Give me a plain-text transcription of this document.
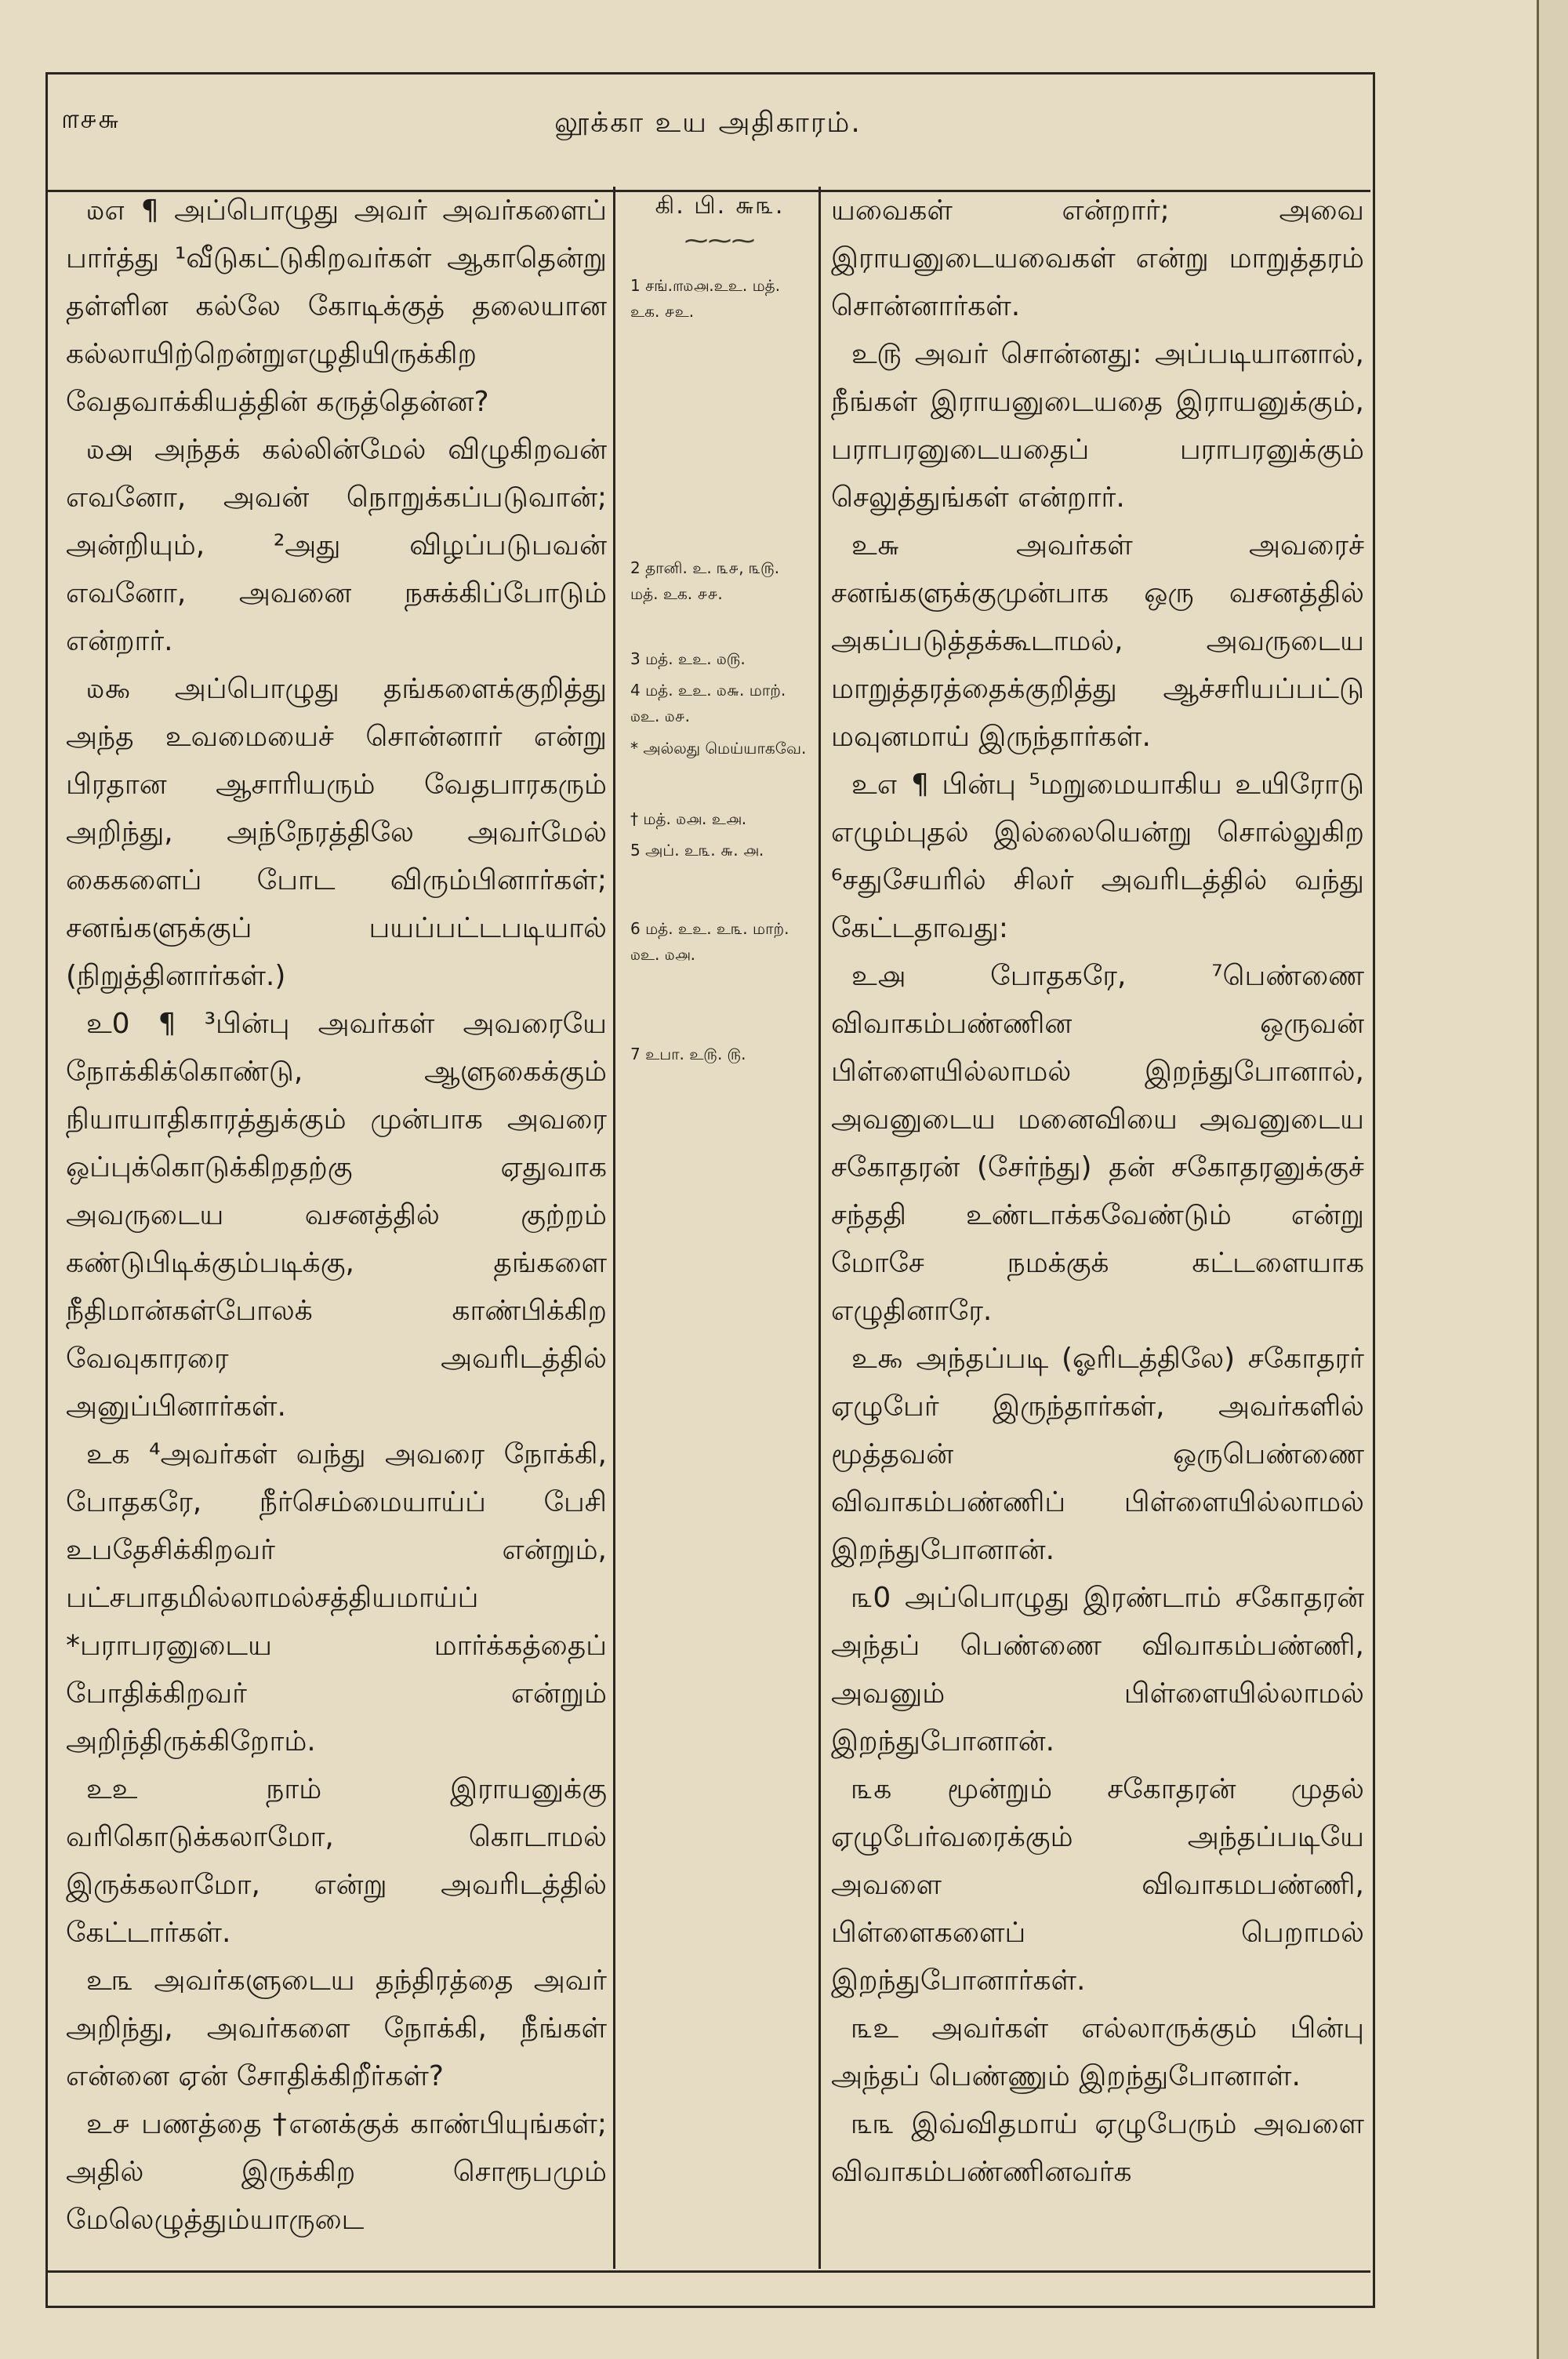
௱௪௬	லூக்கா உய அதிகாரம்.

௰௭ ¶ அப்பொழுது அவர் அவர்களைப் பார்த்து ¹வீடுகட்டுகிறவர்கள் ஆகாதென்று தள்ளின கல்லே கோடிக்குத் தலையான கல்லாயிற்றென்றுஎழுதியிருக்கிற வேதவாக்கியத்தின் கருத்தென்ன?

௰௮ அந்தக் கல்லின்மேல் விழுகிறவன் எவனோ, அவன் நொறுக்கப்படுவான்; அன்றியும், ²அது விழப்படுபவன் எவனோ, அவனை நசுக்கிப்போடும் என்றார்.

௰௯ அப்பொழுது தங்களைக்குறித்து அந்த உவமையைச் சொன்னார் என்று பிரதான ஆசாரியரும் வேதபாரகரும் அறிந்து, அந்நேரத்திலே அவர்மேல் கைகளைப் போட விரும்பினார்கள்; சனங்களுக்குப் பயப்பட்டபடியால் (நிறுத்தினார்கள்.)

உ0 ¶ ³பின்பு அவர்கள் அவரையே நோக்கிக்கொண்டு, ஆளுகைக்கும் நியாயாதிகாரத்துக்கும் முன்பாக அவரை ஒப்புக்கொடுக்கிறதற்கு ஏதுவாக அவருடைய வசனத்தில் குற்றம் கண்டுபிடிக்கும்படிக்கு, தங்களை நீதிமான்கள்போலக் காண்பிக்கிற வேவுகாரரை அவரிடத்தில் அனுப்பினார்கள்.

உக ⁴அவர்கள் வந்து அவரை நோக்கி, போதகரே, நீர்செம்மையாய்ப் பேசி உபதேசிக்கிறவர் என்றும், பட்சபாதமில்லாமல்சத்தியமாய்ப் *பராபரனுடைய மார்க்கத்தைப் போதிக்கிறவர் என்றும் அறிந்திருக்கிறோம்.

உஉ நாம் இராயனுக்கு வரிகொடுக்கலாமோ, கொடாமல் இருக்கலாமோ, என்று அவரிடத்தில் கேட்டார்கள்.

உ௩ அவர்களுடைய தந்திரத்தை அவர் அறிந்து, அவர்களை நோக்கி, நீங்கள் என்னை ஏன் சோதிக்கிறீர்கள்?

உ௪ பணத்தை †எனக்குக் காண்பியுங்கள்; அதில் இருக்கிற சொரூபமும் மேலெழுத்தும்யாருடை

கி. பி. ௬௩.
⁓⁓⁓
1 சங்.௱௰௮.உஉ. மத். உக. ௪உ.
2 தானி. உ. ௩௪, ௩௫. மத். உக. ௪௪.
3 மத். உஉ. ௰௫.
4 மத். உஉ. ௰௬. மாற். ௰உ. ௰௪.
* அல்லது மெய்யாகவே.
† மத். ௰௮. உ௮.
5 அப். உ௩. ௬. ௮.
6 மத். உஉ. உ௩. மாற். ௰உ. ௰௮.
7 உபா. உ௫. ௫.

யவைகள் என்றார்; அவை இராயனுடையவைகள் என்று மாறுத்தரம் சொன்னார்கள்.

உ௫ அவர் சொன்னது: அப்படியானால், நீங்கள் இராயனுடையதை இராயனுக்கும், பராபரனுடையதைப் பராபரனுக்கும் செலுத்துங்கள் என்றார்.

உ௬ அவர்கள் அவரைச் சனங்களுக்குமுன்பாக ஒரு வசனத்தில் அகப்படுத்தக்கூடாமல், அவருடைய மாறுத்தரத்தைக்குறித்து ஆச்சரியப்பட்டு மவுனமாய் இருந்தார்கள்.

உ௭ ¶ பின்பு ⁵மறுமையாகிய உயிரோடு எழும்புதல் இல்லையென்று சொல்லுகிற ⁶சதுசேயரில் சிலர் அவரிடத்தில் வந்து கேட்டதாவது:

உ௮ போதகரே, ⁷பெண்ணை விவாகம்பண்ணின ஒருவன் பிள்ளையில்லாமல் இறந்துபோனால், அவனுடைய மனைவியை அவனுடைய சகோதரன் (சேர்ந்து) தன் சகோதரனுக்குச் சந்ததி உண்டாக்கவேண்டும் என்று மோசே நமக்குக் கட்டளையாக எழுதினாரே.

உ௯ அந்தப்படி (ஓரிடத்திலே) சகோதரர் ஏழுபேர் இருந்தார்கள், அவர்களில் மூத்தவன் ஒருபெண்ணை விவாகம்பண்ணிப் பிள்ளையில்லாமல் இறந்துபோனான்.

௩0 அப்பொழுது இரண்டாம் சகோதரன் அந்தப் பெண்ணை விவாகம்பண்ணி, அவனும் பிள்ளையில்லாமல் இறந்துபோனான்.

௩௧ மூன்றும் சகோதரன் முதல் ஏழுபேர்வரைக்கும் அந்தப்படியே அவளை விவாகமபண்ணி, பிள்ளைகளைப் பெறாமல் இறந்துபோனார்கள்.

௩உ அவர்கள் எல்லாருக்கும் பின்பு அந்தப் பெண்ணும் இறந்துபோனாள்.

௩௩ இவ்விதமாய் ஏழுபேரும் அவளை விவாகம்பண்ணினவர்க
